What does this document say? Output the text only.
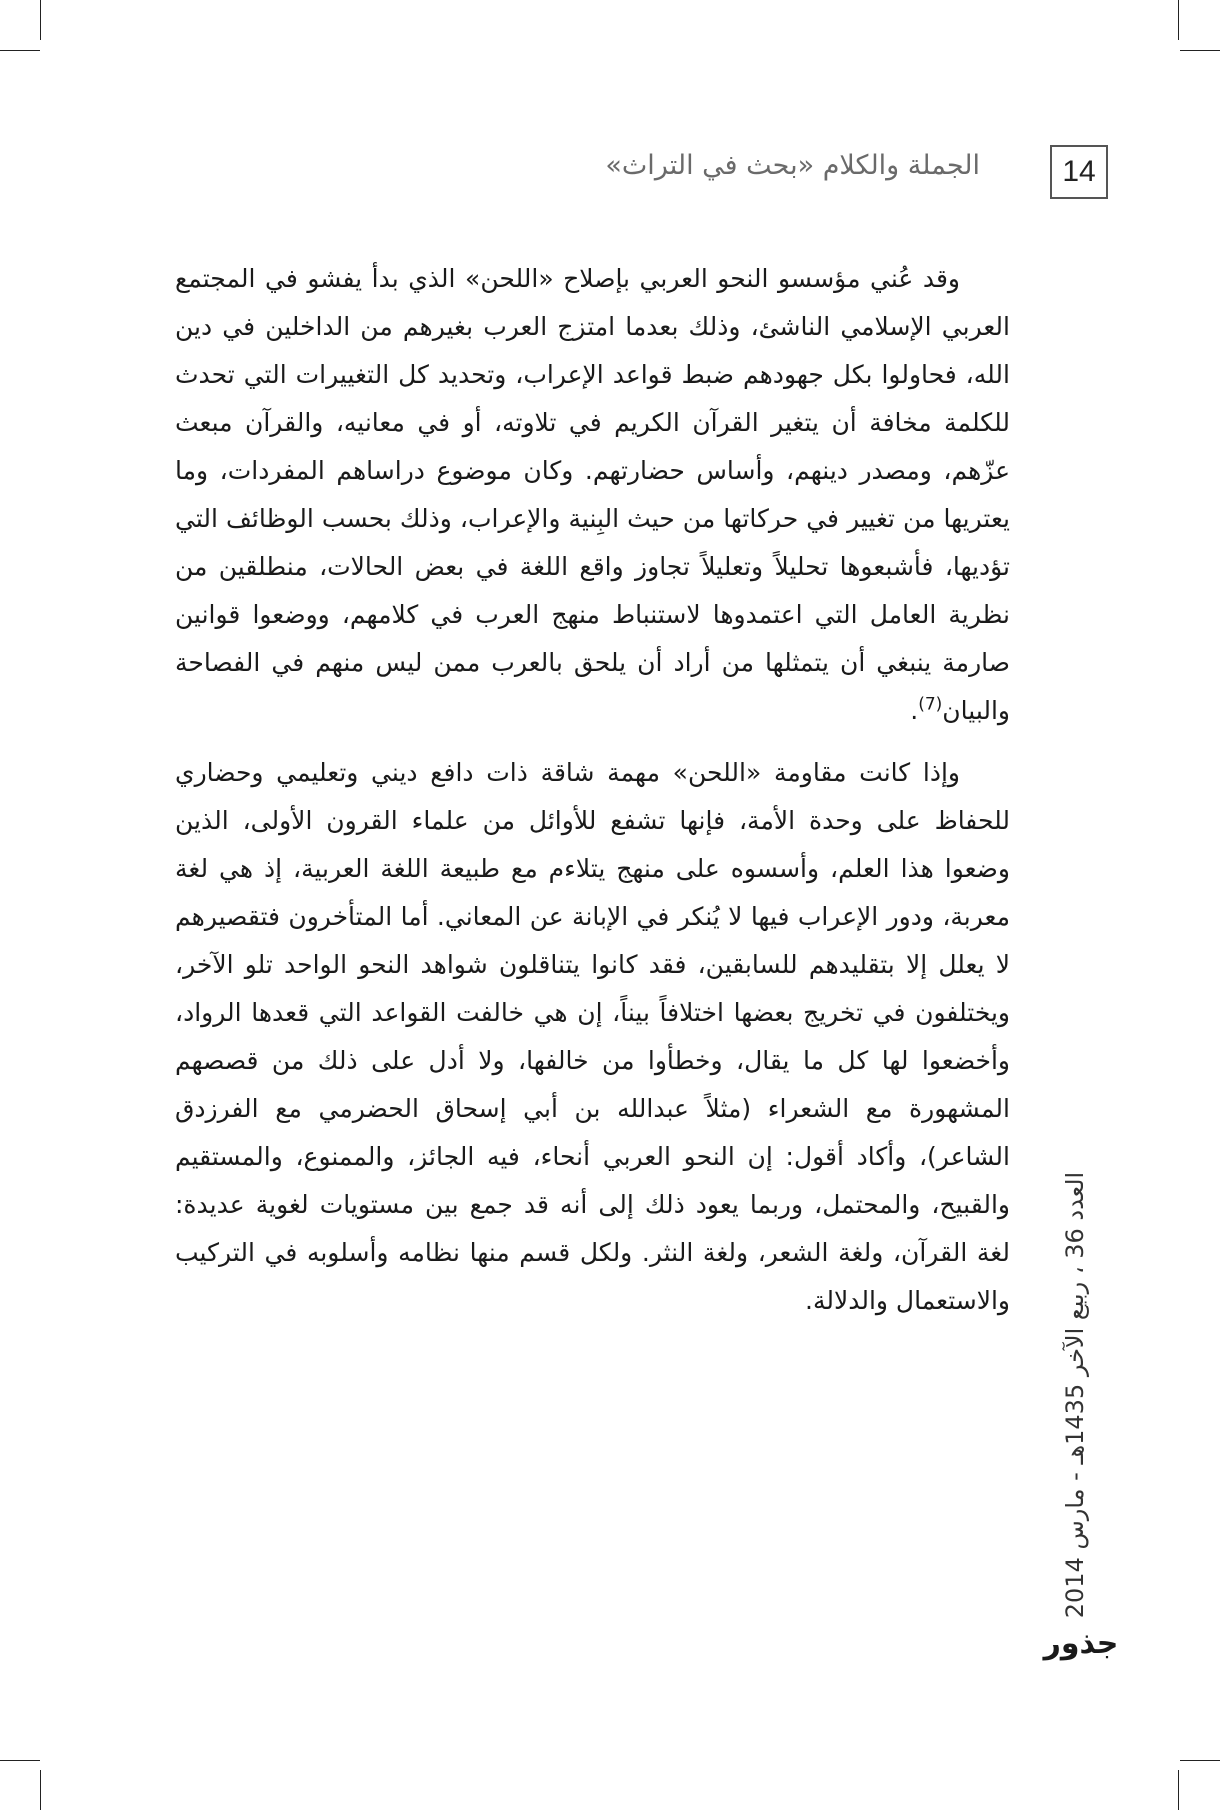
14
الجملة والكلام «بحث في التراث»

وقد عُني مؤسسو النحو العربي بإصلاح «اللحن» الذي بدأ يفشو في المجتمع العربي الإسلامي الناشئ، وذلك بعدما امتزج العرب بغيرهم من الداخلين في دين الله، فحاولوا بكل جهودهم ضبط قواعد الإعراب، وتحديد كل التغييرات التي تحدث للكلمة مخافة أن يتغير القرآن الكريم في تلاوته، أو في معانيه، والقرآن مبعث عزّهم، ومصدر دينهم، وأساس حضارتهم. وكان موضوع دراساهم المفردات، وما يعتريها من تغيير في حركاتها من حيث البِنية والإعراب، وذلك بحسب الوظائف التي تؤديها، فأشبعوها تحليلاً وتعليلاً تجاوز واقع اللغة في بعض الحالات، منطلقين من نظرية العامل التي اعتمدوها لاستنباط منهج العرب في كلامهم، ووضعوا قوانين صارمة ينبغي أن يتمثلها من أراد أن يلحق بالعرب ممن ليس منهم في الفصاحة والبيان$^{(7)}$.

وإذا كانت مقاومة «اللحن» مهمة شاقة ذات دافع ديني وتعليمي وحضاري للحفاظ على وحدة الأمة، فإنها تشفع للأوائل من علماء القرون الأولى، الذين وضعوا هذا العلم، وأسسوه على منهج يتلاءم مع طبيعة اللغة العربية، إذ هي لغة معربة، ودور الإعراب فيها لا يُنكر في الإبانة عن المعاني. أما المتأخرون فتقصيرهم لا يعلل إلا بتقليدهم للسابقين، فقد كانوا يتناقلون شواهد النحو الواحد تلو الآخر، ويختلفون في تخريج بعضها اختلافاً بيناً، إن هي خالفت القواعد التي قعدها الرواد، وأخضعوا لها كل ما يقال، وخطأوا من خالفها، ولا أدل على ذلك من قصصهم المشهورة مع الشعراء (مثلاً عبدالله بن أبي إسحاق الحضرمي مع الفرزدق الشاعر)، وأكاد أقول: إن النحو العربي أنحاء، فيه الجائز، والممنوع، والمستقيم والقبيح، والمحتمل، وربما يعود ذلك إلى أنه قد جمع بين مستويات لغوية عديدة: لغة القرآن، ولغة الشعر، ولغة النثر. ولكل قسم منها نظامه وأسلوبه في التركيب والاستعمال والدلالة.

العدد 36 ، ربيع الآخر 1435هـ - مارس 2014
جذور
